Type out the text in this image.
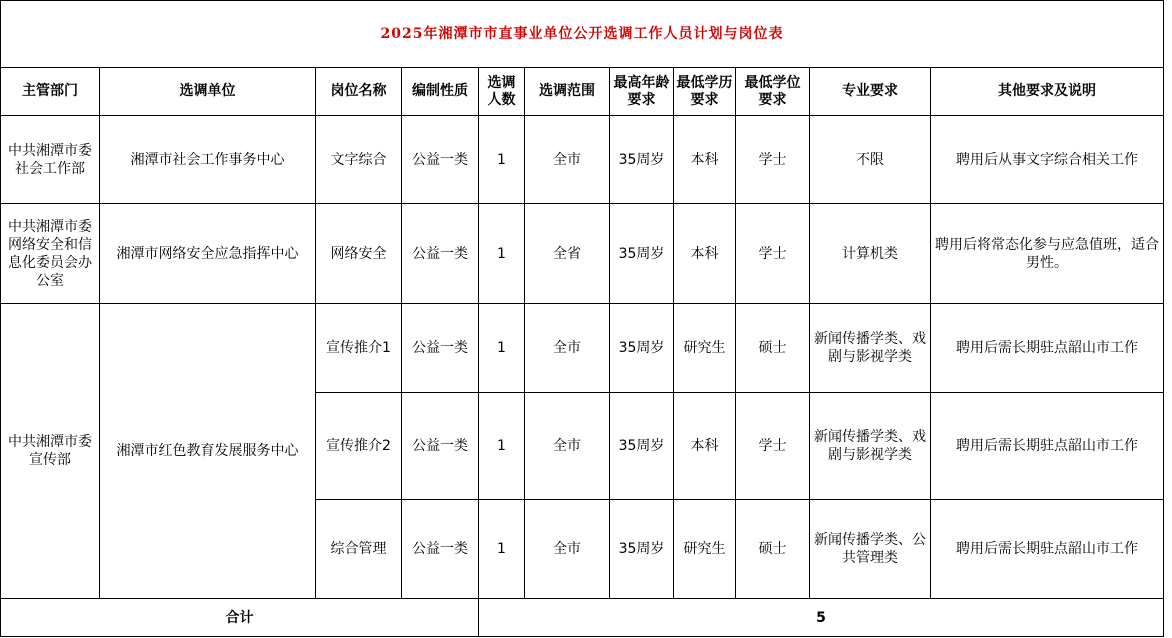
2025年湘潭市市直事业单位公开选调工作人员计划与岗位表										
主管部门	选调单位	岗位名称	编制性质	选调人数	选调范围	最高年龄要求	最低学历要求	最低学位要求	专业要求	其他要求及说明
中共湘潭市委社会工作部	湘潭市社会工作事务中心	文字综合	公益一类	1	全市	35周岁	本科	学士	不限	聘用后从事文字综合相关工作
中共湘潭市委网络安全和信息化委员会办公室	湘潭市网络安全应急指挥中心	网络安全	公益一类	1	全省	35周岁	本科	学士	计算机类	聘用后将常态化参与应急值班，适合男性。
中共湘潭市委宣传部	湘潭市红色教育发展服务中心	宣传推介1	公益一类	1	全市	35周岁	研究生	硕士	新闻传播学类、戏剧与影视学类	聘用后需长期驻点韶山市工作
		宣传推介2	公益一类	1	全市	35周岁	本科	学士	新闻传播学类、戏剧与影视学类	聘用后需长期驻点韶山市工作
		综合管理	公益一类	1	全市	35周岁	研究生	硕士	新闻传播学类、公共管理类	聘用后需长期驻点韶山市工作
合计				5						
